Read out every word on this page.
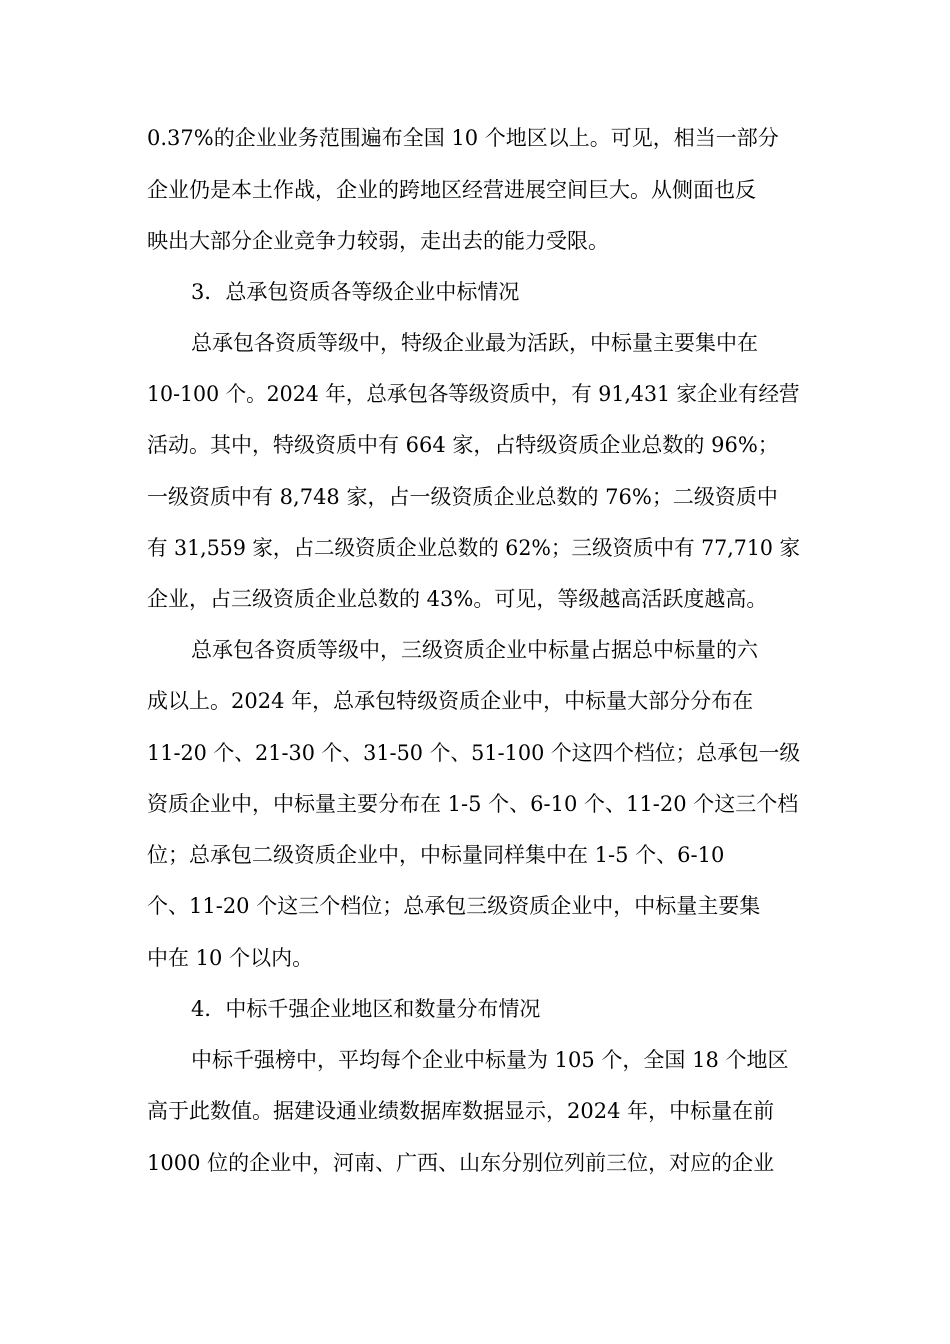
0.37%的企业业务范围遍布全国 10 个地区以上。可见，相当一部分
企业仍是本土作战，企业的跨地区经营进展空间巨大。从侧面也反
映出大部分企业竞争力较弱，走出去的能力受限。
3．总承包资质各等级企业中标情况
总承包各资质等级中，特级企业最为活跃，中标量主要集中在
10-100 个。2024 年，总承包各等级资质中，有 91,431 家企业有经营
活动。其中，特级资质中有 664 家，占特级资质企业总数的 96%；
一级资质中有 8,748 家，占一级资质企业总数的 76%；二级资质中
有 31,559 家，占二级资质企业总数的 62%；三级资质中有 77,710 家
企业，占三级资质企业总数的 43%。可见，等级越高活跃度越高。
总承包各资质等级中，三级资质企业中标量占据总中标量的六
成以上。2024 年，总承包特级资质企业中，中标量大部分分布在
11-20 个、21-30 个、31-50 个、51-100 个这四个档位；总承包一级
资质企业中，中标量主要分布在 1-5 个、6-10 个、11-20 个这三个档
位；总承包二级资质企业中，中标量同样集中在 1-5 个、6-10
个、11-20 个这三个档位；总承包三级资质企业中，中标量主要集
中在 10 个以内。
4．中标千强企业地区和数量分布情况
中标千强榜中，平均每个企业中标量为 105 个，全国 18 个地区
高于此数值。据建设通业绩数据库数据显示，2024 年，中标量在前
1000 位的企业中，河南、广西、山东分别位列前三位，对应的企业
